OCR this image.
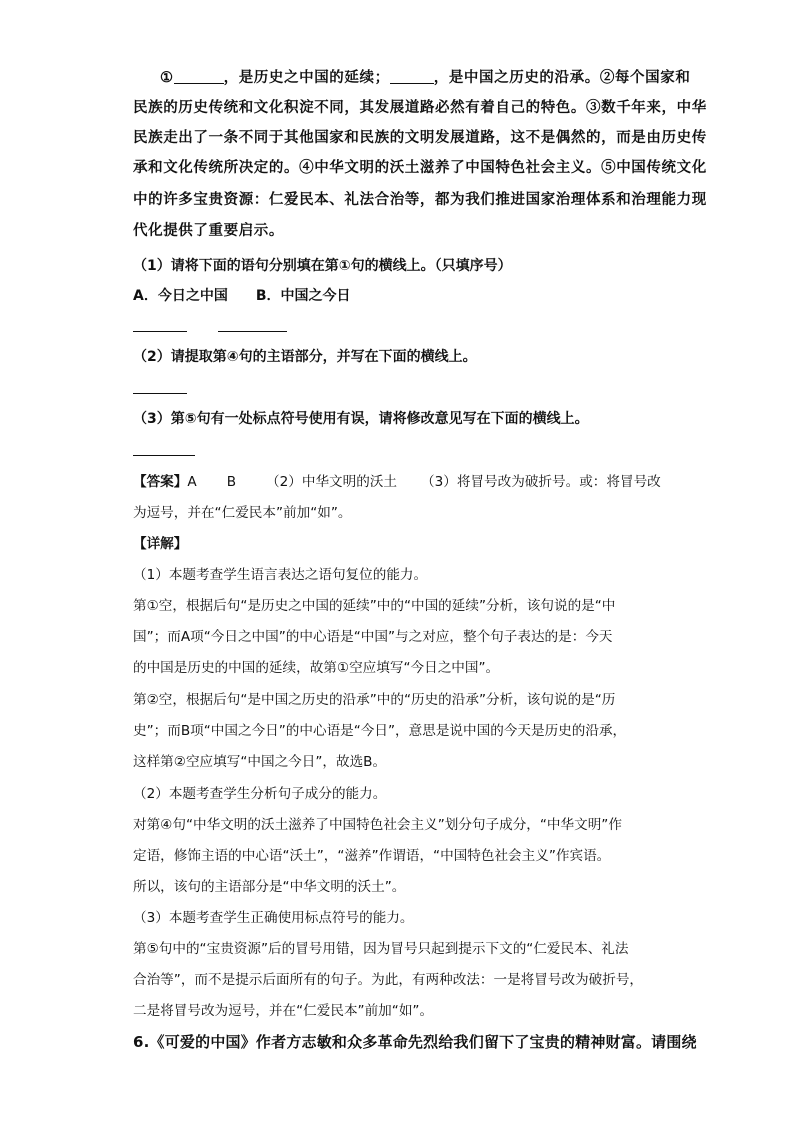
①	，是历史之中国的延续；	，是中国之历史的沿承。②每个国家和
民族的历史传统和文化积淀不同，其发展道路必然有着自己的特色。③数千年来，中华
民族走出了一条不同于其他国家和民族的文明发展道路，这不是偶然的，而是由历史传
承和文化传统所决定的。④中华文明的沃土滋养了中国特色社会主义。⑤中国传统文化
中的许多宝贵资源：仁爱民本、礼法合治等，都为我们推进国家治理体系和治理能力现
代化提供了重要启示。
（1）请将下面的语句分别填在第①句的横线上。（只填序号）
A．今日之中国 B．中国之今日
（2）请提取第④句的主语部分，并写在下面的横线上。
（3）第⑤句有一处标点符号使用有误，请将修改意见写在下面的横线上。
【答案】A B （2）中华文明的沃土 （3）将冒号改为破折号。或：将冒号改
为逗号，并在“仁爱民本”前加“如”。
【详解】
（1）本题考查学生语言表达之语句复位的能力。
第①空，根据后句“是历史之中国的延续”中的“中国的延续”分析，该句说的是“中
国”；而A项“今日之中国”的中心语是“中国”与之对应，整个句子表达的是：今天
的中国是历史的中国的延续，故第①空应填写“今日之中国”。
第②空，根据后句“是中国之历史的沿承”中的“历史的沿承”分析，该句说的是“历
史”；而B项“中国之今日”的中心语是“今日”，意思是说中国的今天是历史的沿承，
这样第②空应填写“中国之今日”，故选B。
（2）本题考查学生分析句子成分的能力。
对第④句“中华文明的沃土滋养了中国特色社会主义”划分句子成分，“中华文明”作
定语，修饰主语的中心语“沃土”，“滋养”作谓语，“中国特色社会主义”作宾语。
所以，该句的主语部分是“中华文明的沃土”。
（3）本题考查学生正确使用标点符号的能力。
第⑤句中的“宝贵资源”后的冒号用错，因为冒号只起到提示下文的“仁爱民本、礼法
合治等”，而不是提示后面所有的句子。为此，有两种改法：一是将冒号改为破折号，
二是将冒号改为逗号，并在“仁爱民本”前加“如”。
6.《可爱的中国》作者方志敏和众多革命先烈给我们留下了宝贵的精神财富。请围绕
